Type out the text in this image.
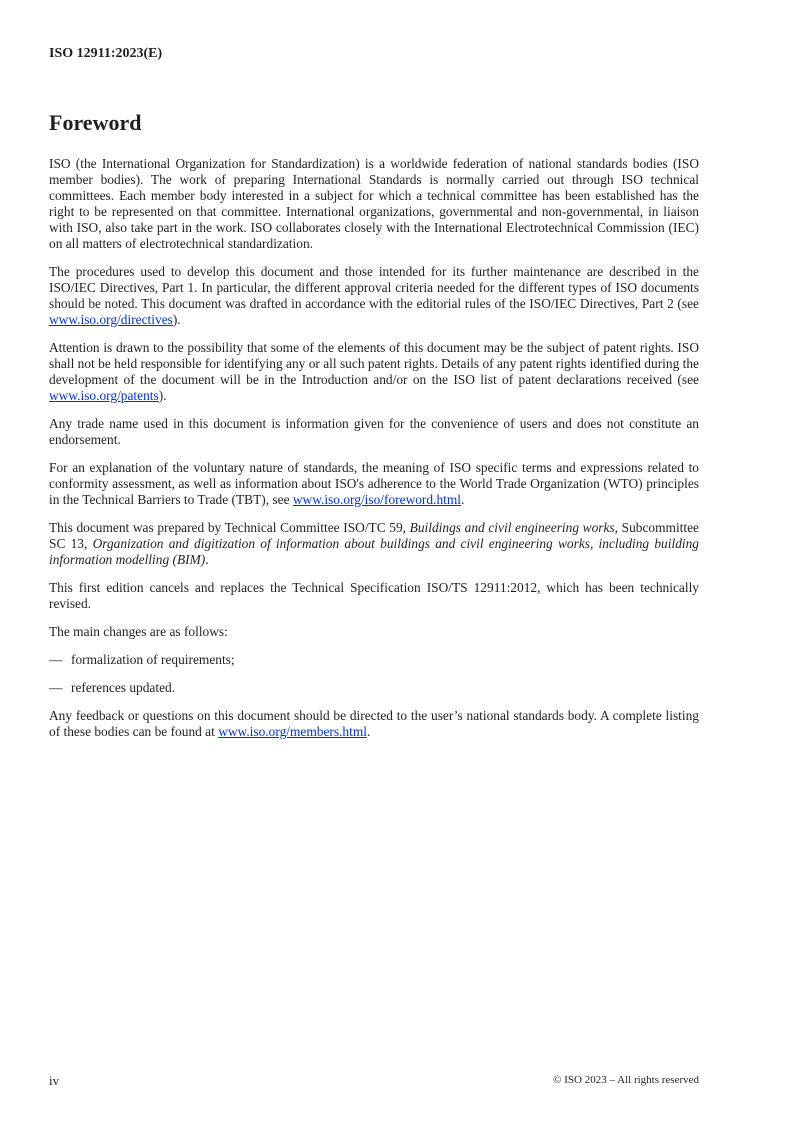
ISO 12911:2023(E)
Foreword

ISO (the International Organization for Standardization) is a worldwide federation of national standards bodies (ISO member bodies). The work of preparing International Standards is normally carried out through ISO technical committees. Each member body interested in a subject for which a technical committee has been established has the right to be represented on that committee. International organizations, governmental and non-governmental, in liaison with ISO, also take part in the work. ISO collaborates closely with the International Electrotechnical Commission (IEC) on all matters of electrotechnical standardization.

The procedures used to develop this document and those intended for its further maintenance are described in the ISO/IEC Directives, Part 1. In particular, the different approval criteria needed for the different types of ISO documents should be noted. This document was drafted in accordance with the editorial rules of the ISO/IEC Directives, Part 2 (see www.iso.org/directives).

Attention is drawn to the possibility that some of the elements of this document may be the subject of patent rights. ISO shall not be held responsible for identifying any or all such patent rights. Details of any patent rights identified during the development of the document will be in the Introduction and/or on the ISO list of patent declarations received (see www.iso.org/patents).

Any trade name used in this document is information given for the convenience of users and does not constitute an endorsement.

For an explanation of the voluntary nature of standards, the meaning of ISO specific terms and expressions related to conformity assessment, as well as information about ISO's adherence to the World Trade Organization (WTO) principles in the Technical Barriers to Trade (TBT), see www.iso.org/iso/foreword.html.

This document was prepared by Technical Committee ISO/TC 59, Buildings and civil engineering works, Subcommittee SC 13, Organization and digitization of information about buildings and civil engineering works, including building information modelling (BIM).

This first edition cancels and replaces the Technical Specification ISO/TS 12911:2012, which has been technically revised.

The main changes are as follows:

— formalization of requirements;

— references updated.

Any feedback or questions on this document should be directed to the user’s national standards body. A complete listing of these bodies can be found at www.iso.org/members.html.

iv	© ISO 2023 – All rights reserved
